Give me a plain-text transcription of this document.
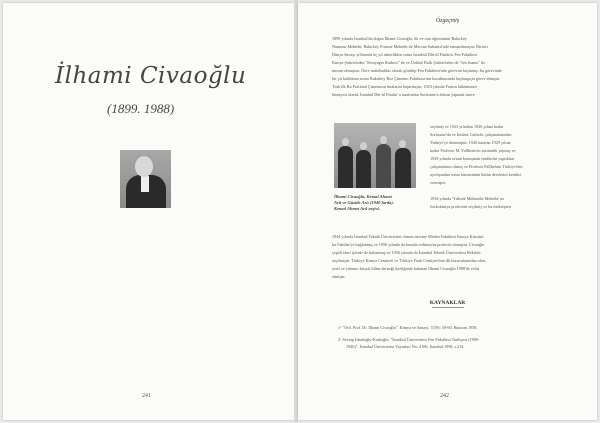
İlhami Civaoğlu
(1899. 1988)
241
Özgeçmiş
1899 yılında İstanbul'da doğan İlhami Civaoğlu, ilk ve orta öğrenimini Bakırköy
Numune Mektebi, Bakırköy Fransız Mektebi ile Mercan Sultanisi'nde tamamlamıştır. Birinci
Dünya Savaşı yıllarında üç yıl askerlikten sonra İstanbul Dâr-ül Fünûn'u Fen Fakültesi
Kimya Şubesi'nden "Kimyager Rutbesi" ile ve Ürdünî Fizik Şubesi'nden de "fen lisansı" ile
mezun olmuştur. Önce mütehaddas olarak görülüp Fen Fakültesi'nde görevini başlamış; bu görevinde
bir yıl kaldıktan sonra Bakırköy Bez Çimento Fabrikası'nın kurulmasında başlangıçta görev almıştır.
Türk ilk Bu Portland Çimentosu imalatını başarmıştır. 1923 yılında Fransa bükümünce
himayesi olarak İstanbul Dâr-ül Fünûn' u tarafından Sorbonne'a ihtisas yapmak üzere
İlhami Civaoğlu, Kemal Ahmet
Arû ve Güzide Arû (1940'larda).
Kemal Ahmet Arû arşivi.
seçilmiş ve 1923 yılından 1926 yılına kadar
Sorbonne'da ve İnstitut Catholic çalışmalarından
Türkiye'ye dönmüştür. 1926 haziran 1929 yılına
kadar Profesör M. Fallberin'in asistanlık yapmış ve
1929 yılında ortam konuşmak etüdlerini yaptıktan
çalışmalarını olmuş ve Profesör Fallbehrin Türkiye'den
ayrılışından sonra kürsüsünün bütün derslerini kendisi
vermiştir.
1934 yılında 'Yüksek Mühendis Mektebi' ne
fizikokimya profesörü seçilmiş ve bu mektepten
1944 yılında İstanbul Teknik Üniversitesi olması üzerine Maden Fakültesi Kimya Kürsüsü
bu Fakülte'ye bağlanmış ve 1956 yılında da burada ordinaryüs profesör olmuştur. Civaoğlu
çeşitli idarî işlerde de bulunmuş ve 1956 yılında da İstanbul Teknik Üniversitesi Rektörü
seçilmiştir. Türkiye Kimya Cemiyeti ve Türkiye Fizik Cemiyeti'nin ilk kurucularından olan,
yerli ve yabancı birçok bilim derneği üyeliğinde bulunan İlhami Civaoğlu 1988'de vefat
etmiştir.
KAYNAKLAR
1- "Ord. Prof. Dr. İlhami Civaoğlu", Kimya ve Sanayi, 7(39): 58-60, Haziran 1958.
2- Sevtap Ishakoğlu-Kadıoğlu, "İstanbul Üniversitesi Fen Fakültesi Tarihçesi (1900-
1946)", İstanbul Üniversitesi Yayınları No: 4106, İstanbul 1998, s.214.
242
